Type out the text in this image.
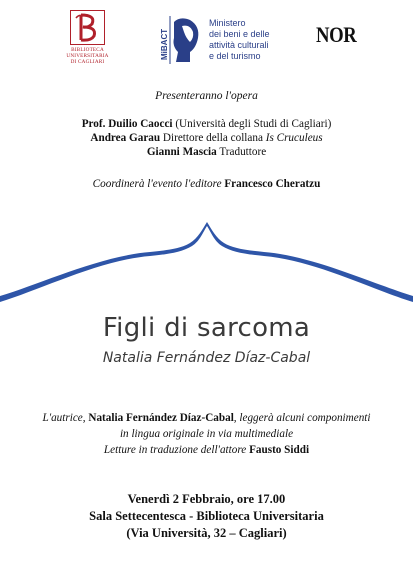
BIBLIOTECA
UNIVERSITARIA
DI CAGLIARI
MiBACT
Ministero
dei beni e delle
attività culturali
e del turismo
NOR
Presenteranno l'opera
Prof. Duilio Caocci (Università degli Studi di Cagliari)
Andrea Garau Direttore della collana Is Cruculeus
Gianni Mascia Traduttore
Coordinerà l'evento l'editore Francesco Cheratzu
Figli di sarcoma
Natalia Fernández Díaz-Cabal
L'autrice, Natalia Fernández Díaz-Cabal, leggerà alcuni componimenti
in lingua originale in via multimediale
Letture in traduzione dell'attore Fausto Siddi
Venerdì 2 Febbraio, ore 17.00
Sala Settecentesca - Biblioteca Universitaria
(Via Università, 32 – Cagliari)
